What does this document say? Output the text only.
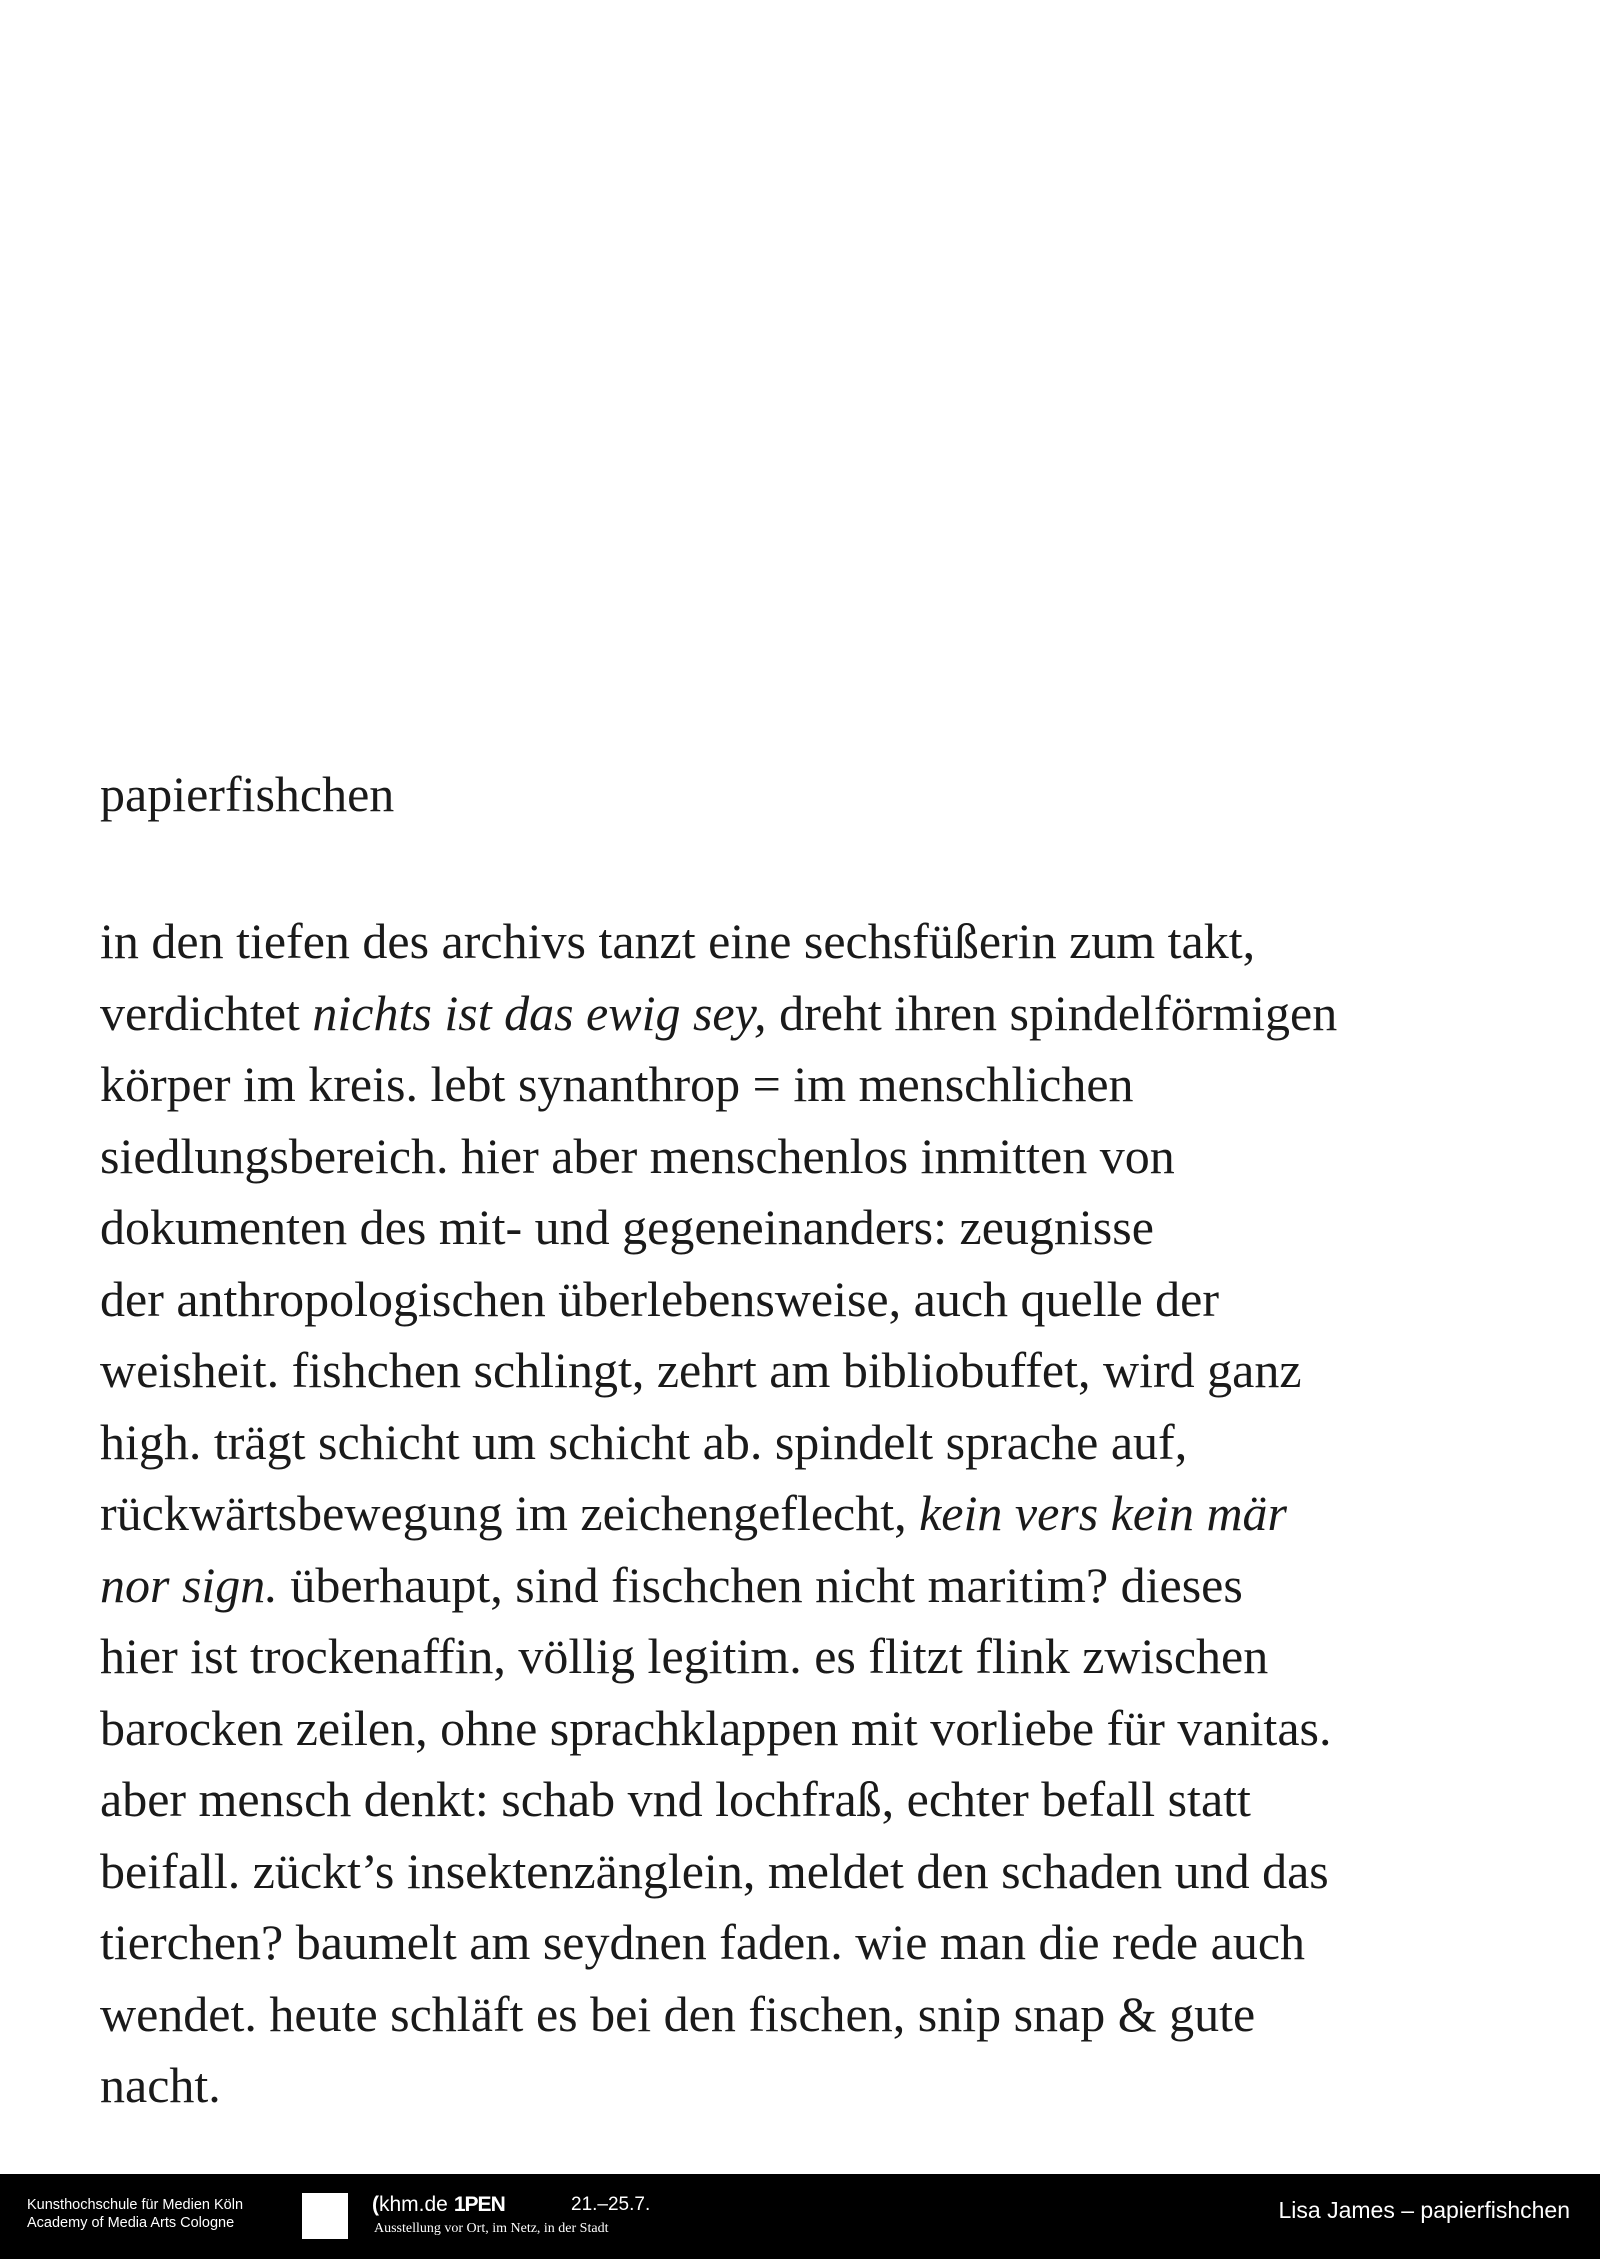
papierfishchen
in den tiefen des archivs tanzt eine sechsfüßerin zum takt,
verdichtet nichts ist das ewig sey, dreht ihren spindelförmigen
körper im kreis. lebt synanthrop = im menschlichen
siedlungsbereich. hier aber menschenlos inmitten von
dokumenten des mit- und gegeneinanders: zeugnisse
der anthropologischen überlebensweise, auch quelle der
weisheit. fishchen schlingt, zehrt am bibliobuffet, wird ganz
high. trägt schicht um schicht ab. spindelt sprache auf,
rückwärtsbewegung im zeichengeflecht, kein vers kein mär
nor sign. überhaupt, sind fischchen nicht maritim? dieses
hier ist trockenaffin, völlig legitim. es flitzt flink zwischen
barocken zeilen, ohne sprachklappen mit vorliebe für vanitas.
aber mensch denkt: schab vnd lochfraß, echter befall statt
beifall. zückt’s insektenzänglein, meldet den schaden und das
tierchen? baumelt am seydnen faden. wie man die rede auch
wendet. heute schläft es bei den fischen, snip snap & gute
nacht.
Kunsthochschule für Medien Köln
Academy of Media Arts Cologne
(khm.de 1PEN	21.–25.7.
Ausstellung vor Ort, im Netz, in der Stadt
Lisa James – papierfishchen
